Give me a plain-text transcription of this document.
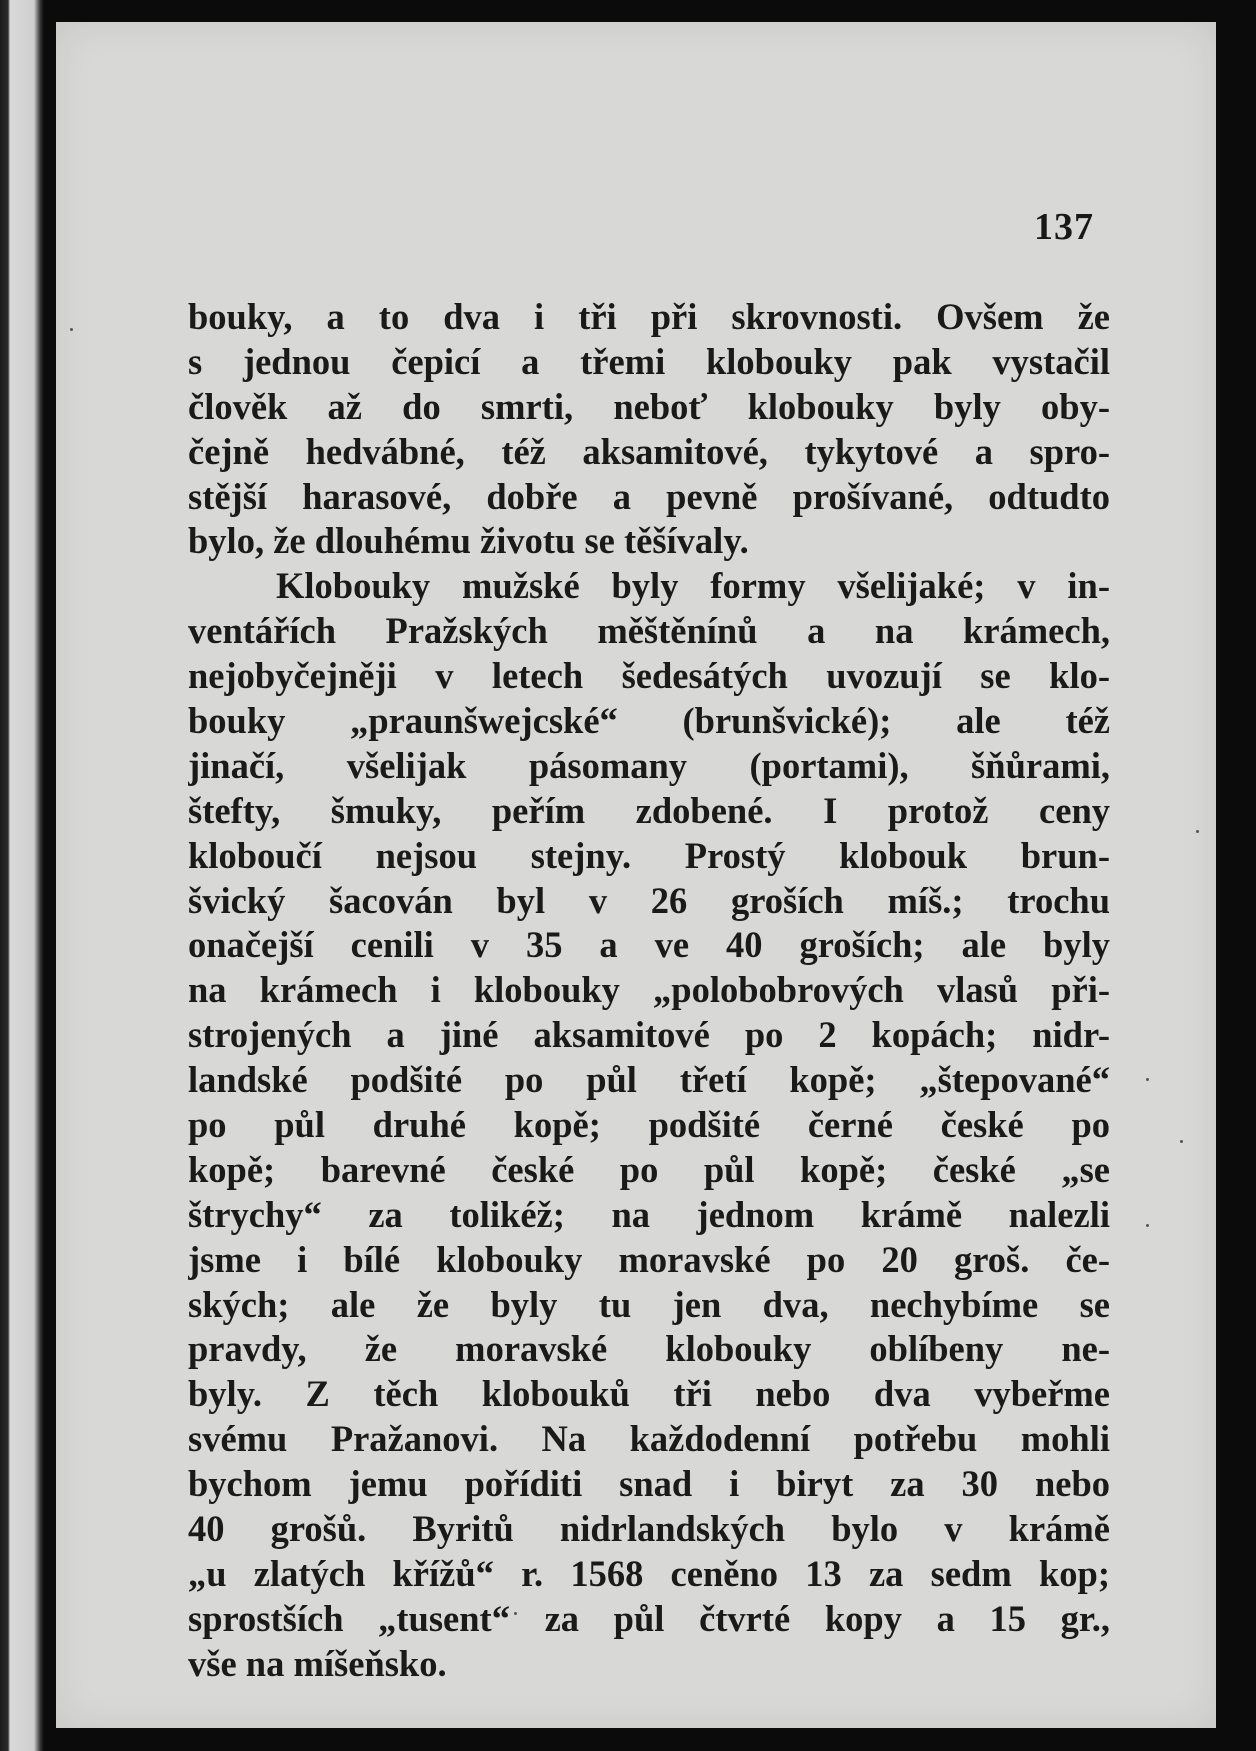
137
bouky, a to dva i tři při skrovnosti. Ovšem že
s jednou čepicí a třemi klobouky pak vystačil
člověk až do smrti, neboť klobouky byly oby-
čejně hedvábné, též aksamitové, tykytové a spro-
stější harasové, dobře a pevně prošívané, odtudto
bylo, že dlouhému životu se těšívaly.
Klobouky mužské byly formy všelijaké; v in-
ventářích Pražských měštěnínů a na krámech,
nejobyčejněji v letech šedesátých uvozují se klo-
bouky „praunšwejcské“ (brunšvické); ale též
jinačí, všelijak pásomany (portami), šňůrami,
štefty, šmuky, peřím zdobené. I protož ceny
kloboučí nejsou stejny. Prostý klobouk brun-
švický šacován byl v 26 groších míš.; trochu
onačejší cenili v 35 a ve 40 groších; ale byly
na krámech i klobouky „polobobrových vlasů při-
strojených a jiné aksamitové po 2 kopách; nidr-
landské podšité po půl třetí kopě; „štepované“
po půl druhé kopě; podšité černé české po
kopě; barevné české po půl kopě; české „se
štrychy“ za tolikéž; na jednom krámě nalezli
jsme i bílé klobouky moravské po 20 groš. če-
ských; ale že byly tu jen dva, nechybíme se
pravdy, že moravské klobouky oblíbeny ne-
byly. Z těch klobouků tři nebo dva vybeřme
svému Pražanovi. Na každodenní potřebu mohli
bychom jemu poříditi snad i biryt za 30 nebo
40 grošů. Byritů nidrlandských bylo v krámě
„u zlatých křížů“ r. 1568 ceněno 13 za sedm kop;
sprostších „tusent“ za půl čtvrté kopy a 15 gr.,
vše na míšeňsko.
